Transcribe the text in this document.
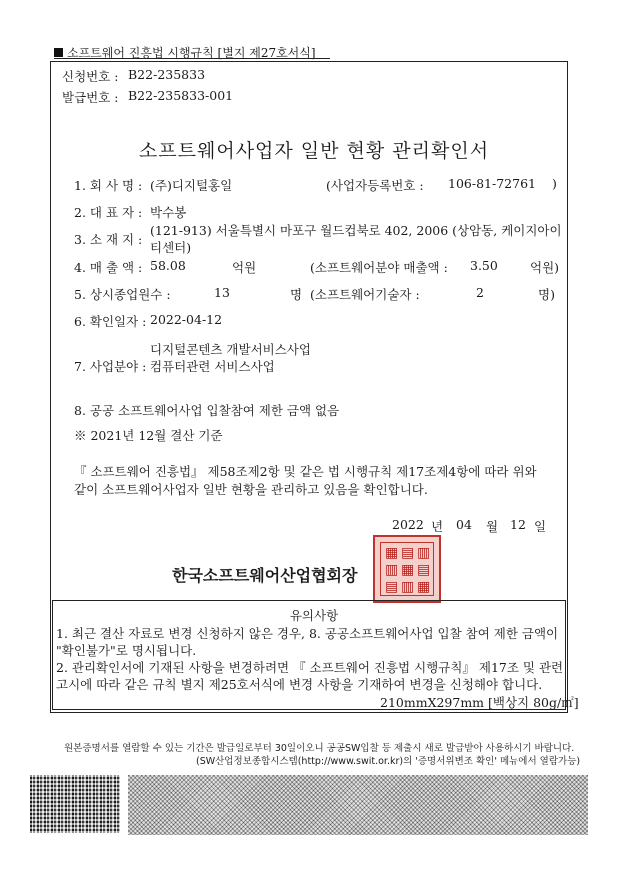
소프트웨어 진흥법 시행규칙 [별지 제27호서식]
신청번호 : B22-235833
발급번호 : B22-235833-001
소프트웨어사업자 일반 현황 관리확인서
1. 회 사 명 : (주)디지털홍일	(사업자등록번호 : 106-81-72761 )
2. 대 표 자 : 박수봉
3. 소 재 지 :
(121-913) 서울특별시 마포구 월드컵북로 402, 2006 (상암동, 케이지아이
티센터)
4. 매 출 액 : 58.08	억원	(소프트웨어분야 매출액 : 3.50	억원)
5. 상시종업원수 :	13	명 (소프트웨어기술자 :	2	명)
6. 확인일자 : 2022-04-12
디지털콘텐츠 개발서비스사업
7. 사업분야 : 컴퓨터관련 서비스사업
8. 공공 소프트웨어사업 입찰참여 제한 금액 없음
※ 2021년 12월 결산 기준
『 소프트웨어 진흥법』 제58조제2항 및 같은 법 시행규칙 제17조제4항에 따라 위와
같이 소프트웨어사업자 일반 현황을 관리하고 있음을 확인합니다.
2022 년 04 월 12 일
한국소프트웨어산업협회장
▦ ▤ ▥
▥ ▦ ▤
▤ ▥ ▦
유의사항
1. 최근 결산 자료로 변경 신청하지 않은 경우, 8. 공공소프트웨어사업 입찰 참여 제한 금액이
"확인불가"로 명시됩니다.
2. 관리확인서에 기재된 사항을 변경하려면 『 소프트웨어 진흥법 시행규칙』 제17조 및 관련
고시에 따라 같은 규칙 별지 제25호서식에 변경 사항을 기재하여 변경을 신청해야 합니다.
210mmX297mm [백상지 80g/㎡]
원본증명서를 열람할 수 있는 기간은 발급일로부터 30일이오니 공공SW입찰 등 제출시 새로 발급받아 사용하시기 바랍니다.
(SW산업정보종합시스템(http://www.swit.or.kr)의 '증명서위변조 확인' 메뉴에서 열람가능)
